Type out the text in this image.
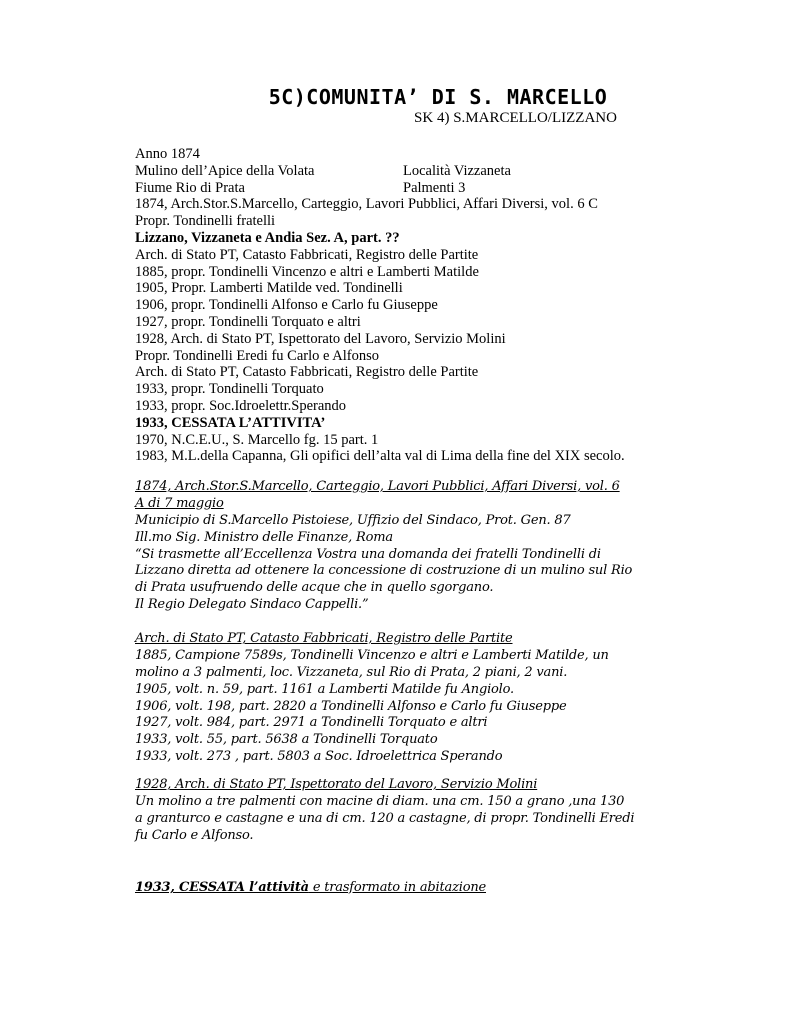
5C)COMUNITA’ DI S. MARCELLO
SK 4) S.MARCELLO/LIZZANO
Anno 1874
Mulino dell’Apice della Volata	Località Vizzaneta
Fiume Rio di Prata	Palmenti 3
1874, Arch.Stor.S.Marcello, Carteggio, Lavori Pubblici, Affari Diversi, vol. 6 C
Propr. Tondinelli fratelli
Lizzano, Vizzaneta e Andia Sez. A, part. ??
Arch. di Stato PT, Catasto Fabbricati, Registro delle Partite
1885, propr. Tondinelli Vincenzo e altri e Lamberti Matilde
1905, Propr. Lamberti Matilde ved. Tondinelli
1906, propr. Tondinelli Alfonso e Carlo fu Giuseppe
1927, propr. Tondinelli Torquato e altri
1928, Arch. di Stato PT, Ispettorato del Lavoro, Servizio Molini
Propr. Tondinelli Eredi fu Carlo e Alfonso
Arch. di Stato PT, Catasto Fabbricati, Registro delle Partite
1933, propr. Tondinelli Torquato
1933, propr. Soc.Idroelettr.Sperando
1933, CESSATA L’ATTIVITA’
1970, N.C.E.U., S. Marcello fg. 15 part. 1
1983, M.L.della Capanna, Gli opifici dell’alta val di Lima della fine del XIX secolo.
1874, Arch.Stor.S.Marcello, Carteggio, Lavori Pubblici, Affari Diversi, vol. 6
A di 7 maggio
Municipio di S.Marcello Pistoiese, Uffizio del Sindaco, Prot. Gen. 87
Ill.mo Sig. Ministro delle Finanze, Roma
“Si trasmette all’Eccellenza Vostra una domanda dei fratelli Tondinelli di
Lizzano diretta ad ottenere la concessione di costruzione di un mulino sul Rio
di Prata usufruendo delle acque che in quello sgorgano.
Il Regio Delegato Sindaco Cappelli.”
Arch. di Stato PT, Catasto Fabbricati, Registro delle Partite
1885, Campione 7589s, Tondinelli Vincenzo e altri e Lamberti Matilde, un
molino a 3 palmenti, loc. Vizzaneta, sul Rio di Prata, 2 piani, 2 vani.
1905, volt. n. 59, part. 1161 a Lamberti Matilde fu Angiolo.
1906, volt. 198, part. 2820 a Tondinelli Alfonso e Carlo fu Giuseppe
1927, volt. 984, part. 2971 a Tondinelli Torquato e altri
1933, volt. 55, part. 5638 a Tondinelli Torquato
1933, volt. 273 , part. 5803 a Soc. Idroelettrica Sperando
1928, Arch. di Stato PT, Ispettorato del Lavoro, Servizio Molini
Un molino a tre palmenti con macine di diam. una cm. 150 a grano ,una 130
a granturco e castagne e una di cm. 120 a castagne, di propr. Tondinelli Eredi
fu Carlo e Alfonso.
1933, CESSATA l’attività e trasformato in abitazione
